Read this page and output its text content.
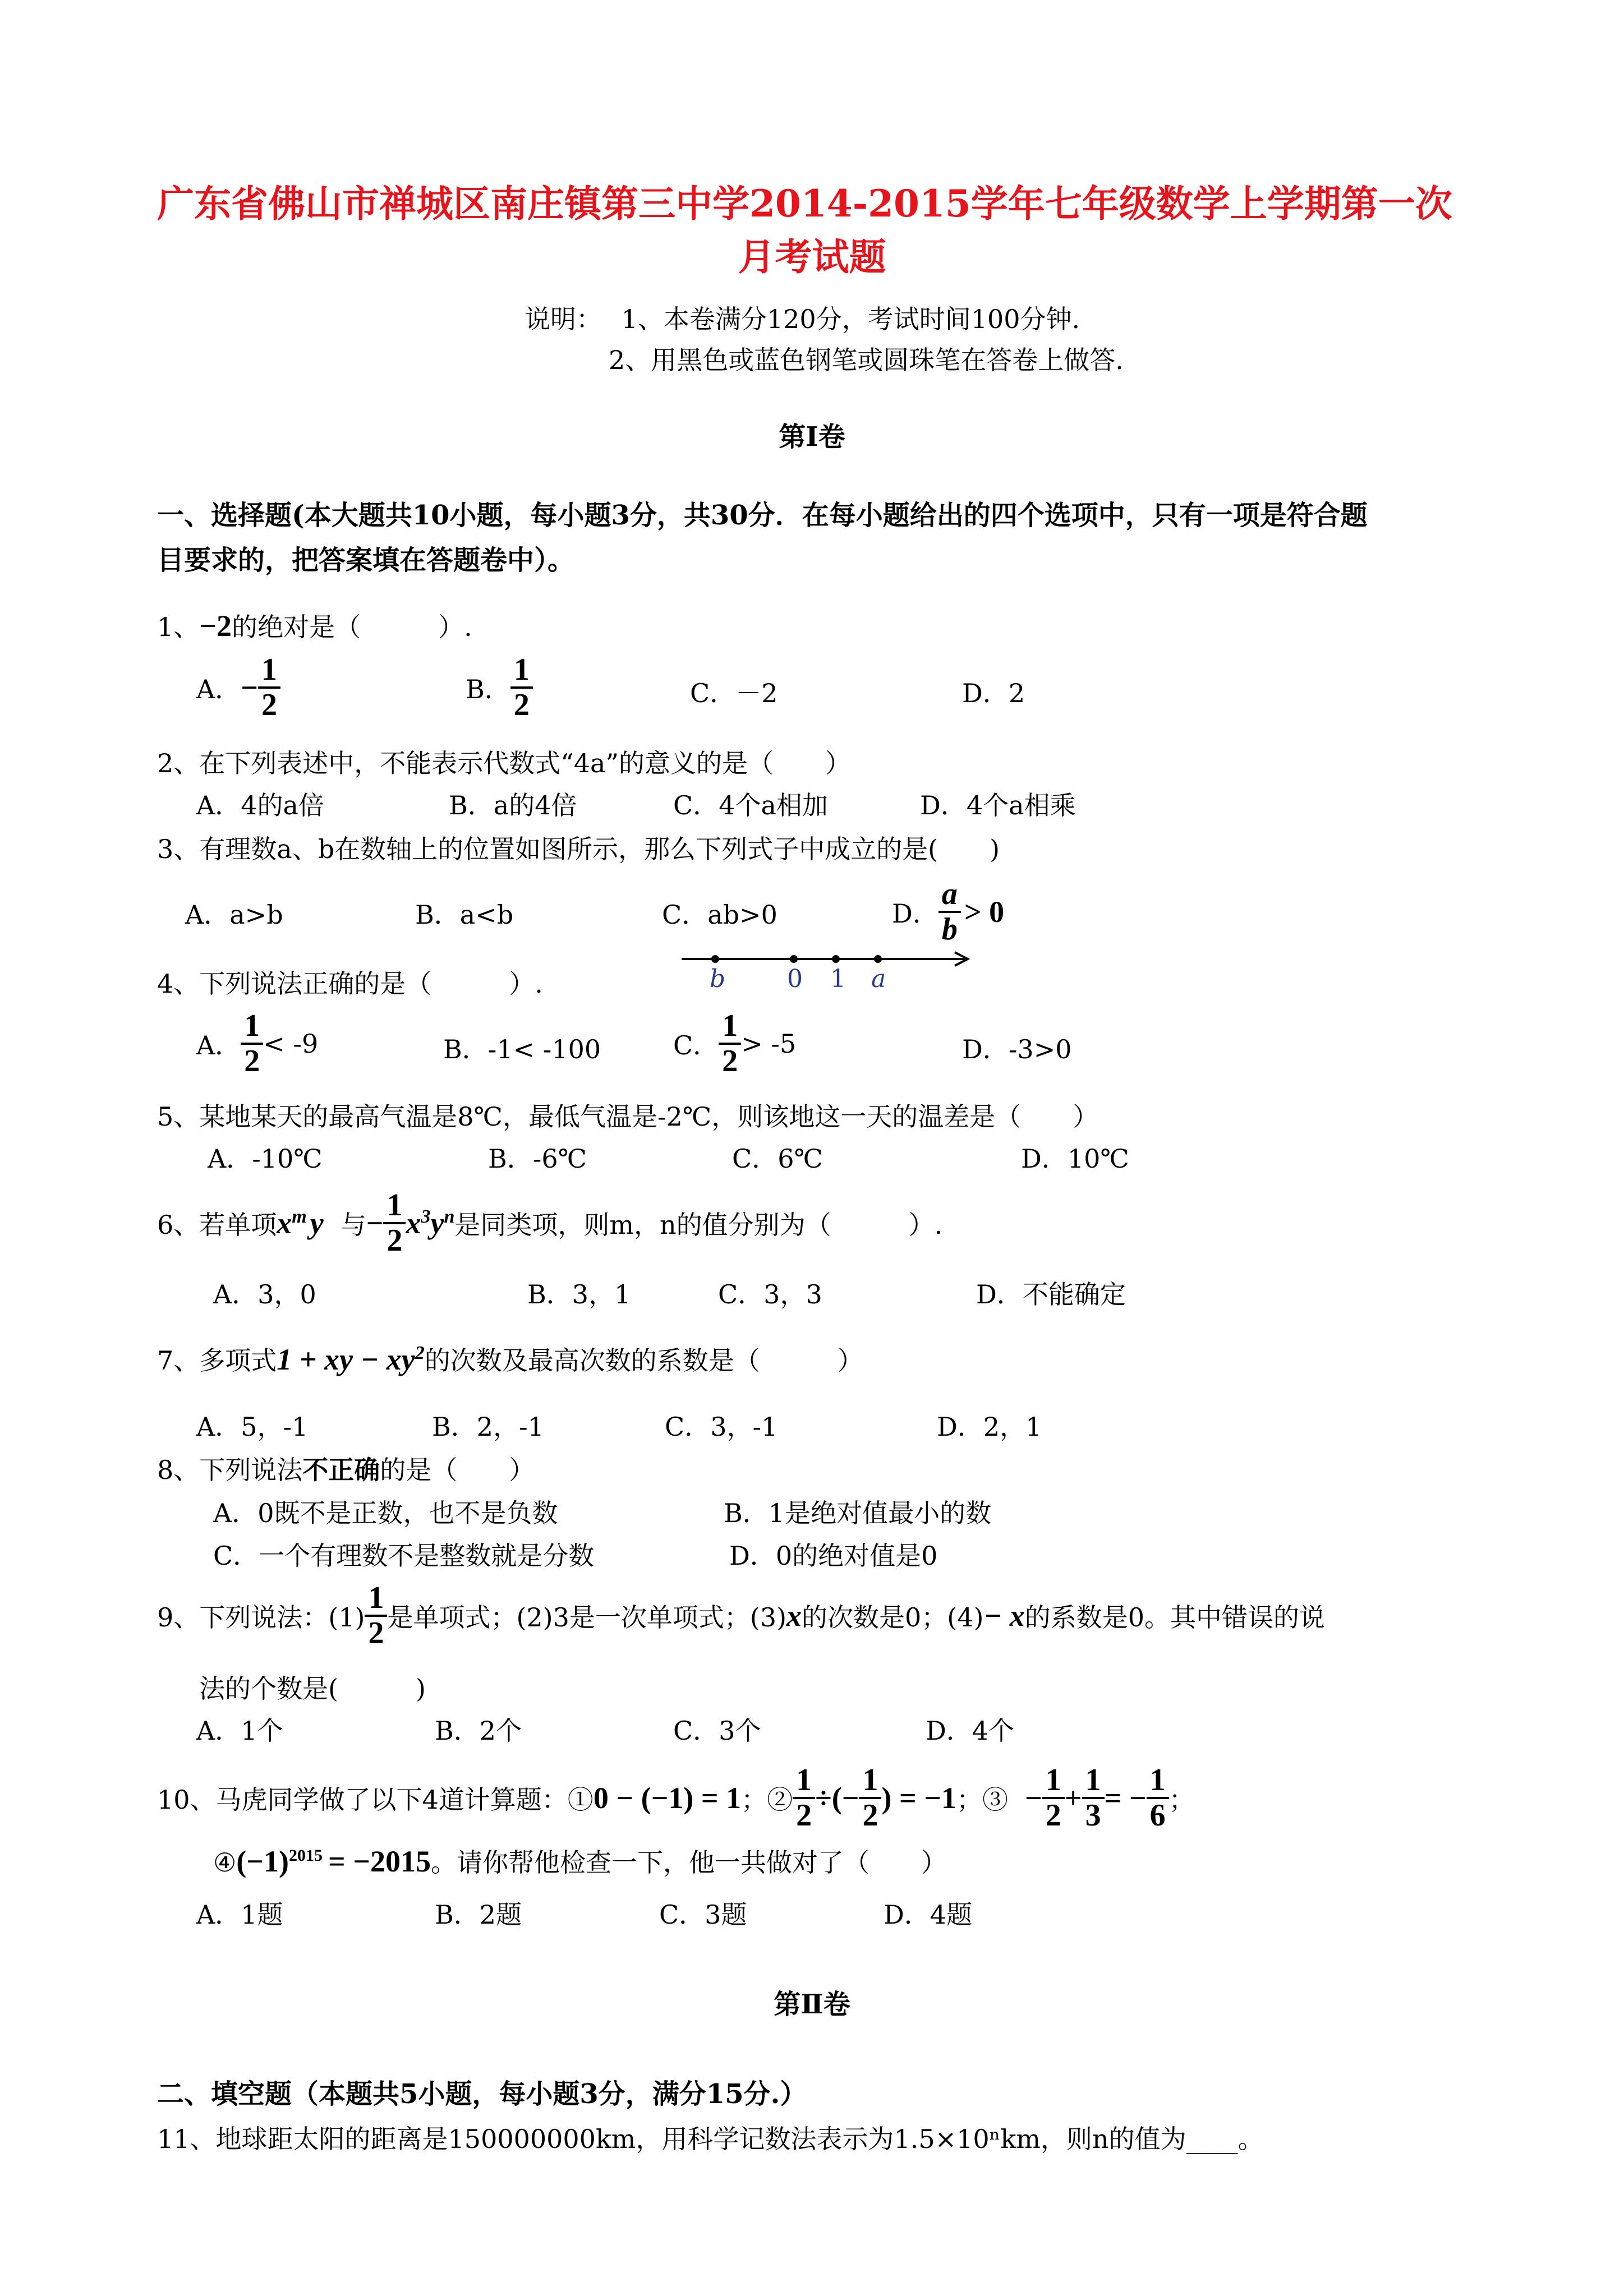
广东省佛山市禅城区南庄镇第三中学2014-2015学年七年级数学上学期第一次
月考试题
说明： 1、本卷满分120分，考试时间100分钟.
2、用黑色或蓝色钢笔或圆珠笔在答卷上做答.
第Ⅰ卷
一、选择题(本大题共10小题，每小题3分，共30分．在每小题给出的四个选项中，只有一项是符合题
目要求的，把答案填在答题卷中）。
1、−2的绝对是（　　　）.
A．− $\frac{1}{2}$	B． $\frac{1}{2}$	C．－2	D．2
2、在下列表述中，不能表示代数式“4a”的意义的是（　　）
A．4的a倍	B．a的4倍	C．4个a相加	D．4个a相乘
3、有理数a、b在数轴上的位置如图所示，那么下列式子中成立的是(　　)
A．a>b	B．a<b	C．ab>0	D． $\frac{a}{b} > 0$
b 0 1 a
4、下列说法正确的是（　　　）.
A． $\frac{1}{2} < -9$	B．-1< -100	C． $\frac{1}{2} > -5$	D．-3>0
5、某地某天的最高气温是8℃，最低气温是-2℃，则该地这一天的温差是（　　）
A．-10℃	B．-6℃	C．6℃	D．10℃
6、若单项$x^m$ y 与− $\frac{1}{2} x^3y^n$是同类项，则m，n的值分别为（　　　）.
A．3，0	B．3，1	C．3，3	D．不能确定
7、多项式1 + xy − $xy^2$的次数及最高次数的系数是（　　　）
A．5，-1	B．2，-1	C．3，-1	D．2，1
8、下列说法不正确的是（　　）
A．0既不是正数，也不是负数	B．1是绝对值最小的数
C．一个有理数不是整数就是分数	D．0的绝对值是0
9、下列说法：$(1) \frac{1}{2}$ 是单项式；(2)3是一次单项式；(3)x的次数是0；(4)− x的系数是0。其中错误的说
法的个数是(　　　)
A．1个	B．2个	C．3个	D．4个
10、马虎同学做了以下4道计算题：①0 − (−1) = 1；② $\frac{1}{2}$ ÷(− $\frac{1}{2}$ ) = −1；③ − $\frac{1}{2} + \frac{1}{3}$ = − $\frac{1}{6}$ ；
$④(-1)^{2015} = -2015$。请你帮他检查一下，他一共做对了（　　）
A．1题	B．2题	C．3题	D．4题
第Ⅱ卷
二、填空题（本题共5小题，每小题3分，满分15分.）
11、地球距太阳的距离是150000000km，用科学记数法表示为1.5×10ⁿkm，则n的值为____。
